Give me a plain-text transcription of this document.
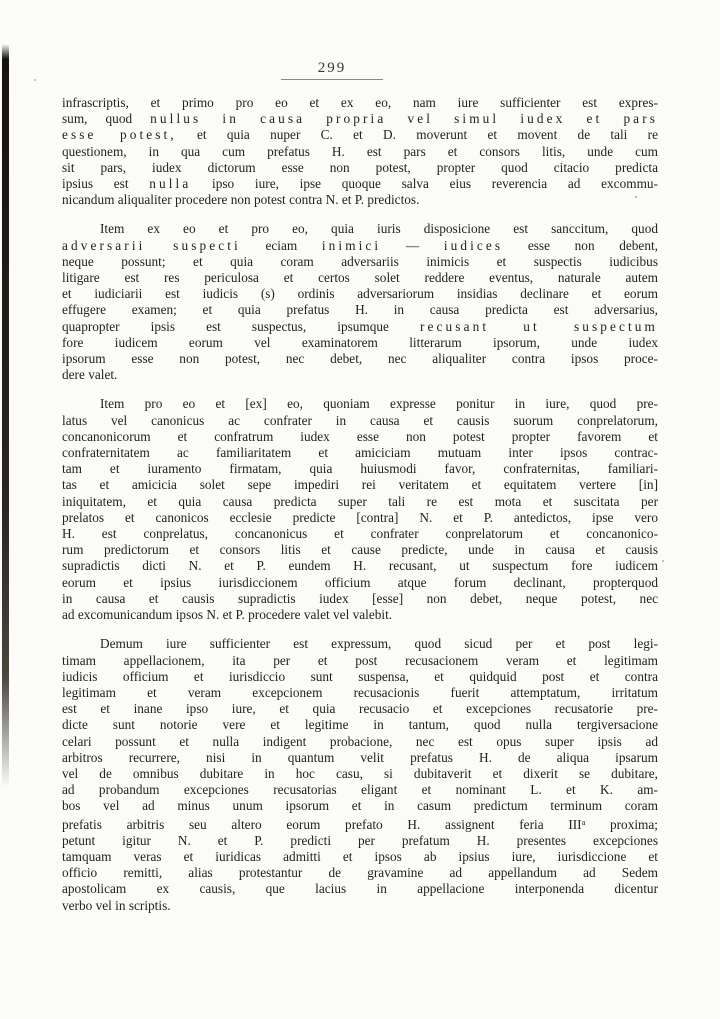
299

infrascriptis, et primo pro eo et ex eo, nam iure sufficienter est expres-
sum, quod nullus in causa propria vel simul iudex et pars
esse potest, et quia nuper C. et D. moverunt et movent de tali re
questionem, in qua cum prefatus H. est pars et consors litis, unde cum
sit pars, iudex dictorum esse non potest, propter quod citacio predicta
ipsius est nulla ipso iure, ipse quoque salva eius reverencia ad excommu-
nicandum aliqualiter procedere non potest contra N. et P. predictos.

Item ex eo et pro eo, quia iuris disposicione est sanccitum, quod
adversarii suspecti eciam inimici — iudices esse non debent,
neque possunt; et quia coram adversariis inimicis et suspectis iudicibus
litigare est res periculosa et certos solet reddere eventus, naturale autem
et iudiciarii est iudicis (s) ordinis adversariorum insidias declinare et eorum
effugere examen; et quia prefatus H. in causa predicta est adversarius,
quapropter ipsis est suspectus, ipsumque recusant ut suspectum
fore iudicem eorum vel examinatorem litterarum ipsorum, unde iudex
ipsorum esse non potest, nec debet, nec aliqualiter contra ipsos proce-
dere valet.

Item pro eo et [ex] eo, quoniam expresse ponitur in iure, quod pre-
latus vel canonicus ac confrater in causa et causis suorum conprelatorum,
concanonicorum et confratrum iudex esse non potest propter favorem et
confraternitatem ac familiaritatem et amiciciam mutuam inter ipsos contrac-
tam et iuramento firmatam, quia huiusmodi favor, confraternitas, familiari-
tas et amicicia solet sepe impediri rei veritatem et equitatem vertere [in]
iniquitatem, et quia causa predicta super tali re est mota et suscitata per
prelatos et canonicos ecclesie predicte [contra] N. et P. antedictos, ipse vero
H. est conprelatus, concanonicus et confrater conprelatorum et concanonico-
rum predictorum et consors litis et cause predicte, unde in causa et causis
supradictis dicti N. et P. eundem H. recusant, ut suspectum fore iudicem
eorum et ipsius iurisdiccionem officium atque forum declinant, propterquod
in causa et causis supradictis iudex [esse] non debet, neque potest, nec
ad excomunicandum ipsos N. et P. procedere valet vel valebit.

Demum iure sufficienter est expressum, quod sicud per et post legi-
timam appellacionem, ita per et post recusacionem veram et legitimam
iudicis officium et iurisdiccio sunt suspensa, et quidquid post et contra
legitimam et veram excepcionem recusacionis fuerit attemptatum, irritatum
est et inane ipso iure, et quia recusacio et excepciones recusatorie pre-
dicte sunt notorie vere et legitime in tantum, quod nulla tergiversacione
celari possunt et nulla indigent probacione, nec est opus super ipsis ad
arbitros recurrere, nisi in quantum velit prefatus H. de aliqua ipsarum
vel de omnibus dubitare in hoc casu, si dubitaverit et dixerit se dubitare,
ad probandum excepciones recusatorias eligant et nominant L. et K. am-
bos vel ad minus unum ipsorum et in casum predictum terminum coram
prefatis arbitris seu altero eorum prefato H. assignent feria III$^a$ proxima;
petunt igitur N. et P. predicti per prefatum H. presentes excepciones
tamquam veras et iuridicas admitti et ipsos ab ipsius iure, iurisdiccione et
officio remitti, alias protestantur de gravamine ad appellandum ad Sedem
apostolicam ex causis, que lacius in appellacione interponenda dicentur
verbo vel in scriptis.
